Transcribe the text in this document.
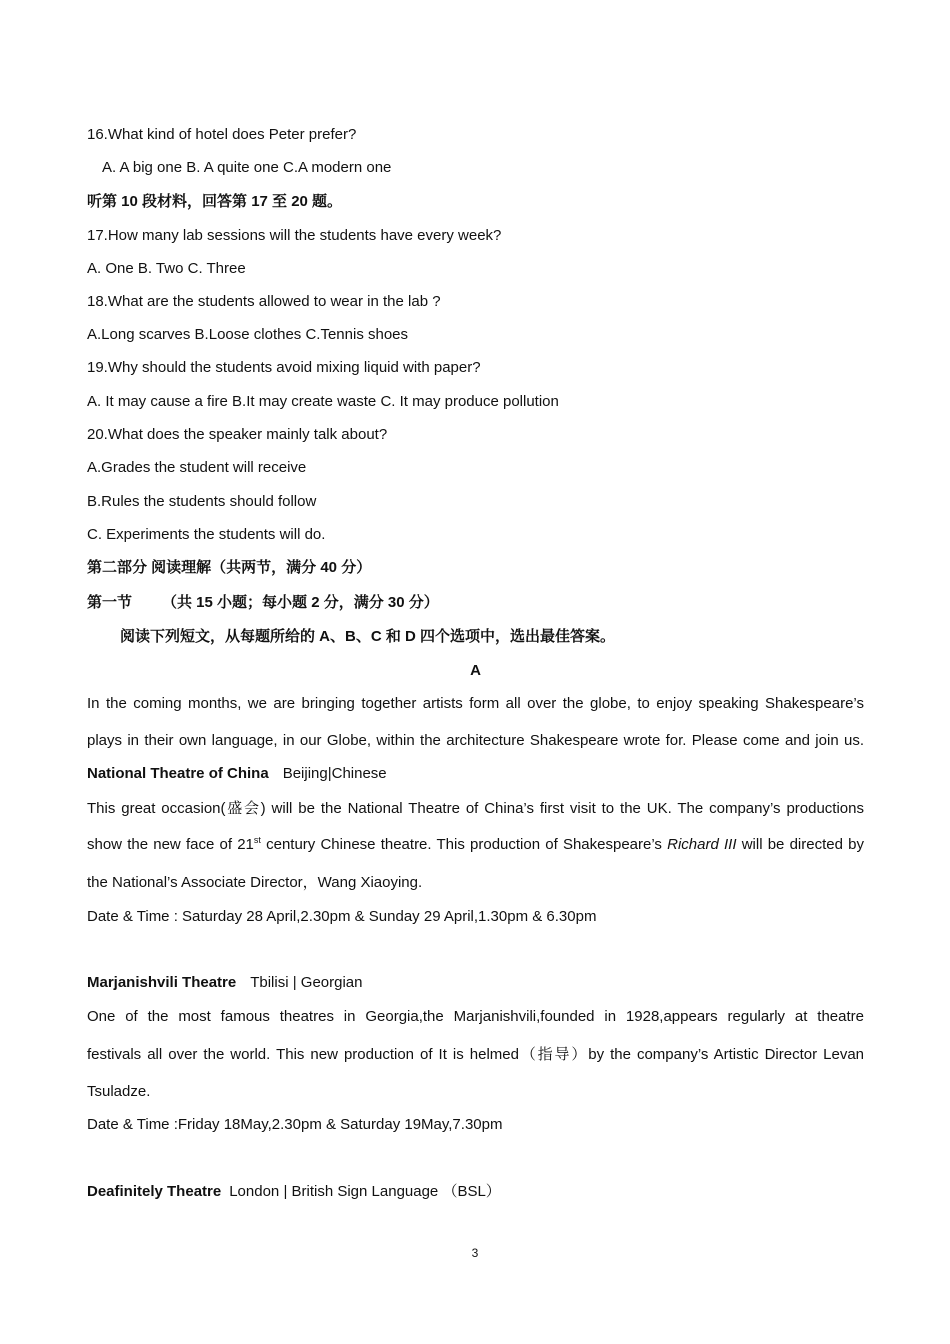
16.What kind of hotel does Peter prefer?
A. A big one B. A quite one C.A modern one
听第 10 段材料，回答第 17 至 20 题。
17.How many lab sessions will the students have every week?
A. One B. Two C. Three
18.What are the students allowed to wear in the lab ?
A.Long scarves B.Loose clothes C.Tennis shoes
19.Why should the students avoid mixing liquid with paper?
A. It may cause a fire B.It may create waste C. It may produce pollution
20.What does the speaker mainly talk about?
A.Grades the student will receive
B.Rules the students should follow
C. Experiments the students will do.
第二部分 阅读理解（共两节，满分 40 分）
第一节 （共 15 小题；每小题 2 分，满分 30 分）
阅读下列短文，从每题所给的 A、B、C 和 D 四个选项中，选出最佳答案。
A
In the coming months, we are bringing together artists form all over the globe, to enjoy speaking Shakespeare’s
plays in their own language, in our Globe, within the architecture Shakespeare wrote for. Please come and join us.
National Theatre of China Beijing|Chinese
This great occasion(盛会) will be the National Theatre of China’s first visit to the UK. The company’s productions
show the new face of 21st century Chinese theatre. This production of Shakespeare’s Richard III will be directed by
the National’s Associate Director，Wang Xiaoying.
Date & Time : Saturday 28 April,2.30pm & Sunday 29 April,1.30pm & 6.30pm
Marjanishvili Theatre Tbilisi | Georgian
One of the most famous theatres in Georgia,the Marjanishvili,founded in 1928,appears regularly at theatre
festivals all over the world. This new production of It is helmed（指导）by the company’s Artistic Director Levan
Tsuladze.
Date & Time :Friday 18May,2.30pm & Saturday 19May,7.30pm
Deafinitely Theatre London | British Sign Language （BSL）
3
